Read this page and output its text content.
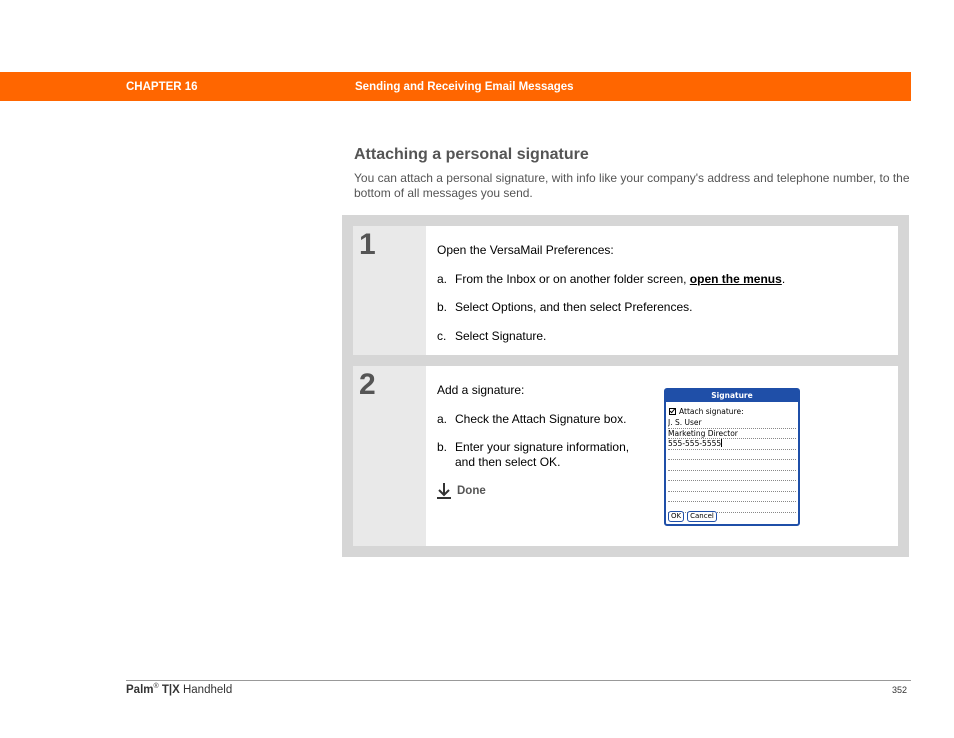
CHAPTER 16	Sending and Receiving Email Messages
Attaching a personal signature

You can attach a personal signature, with info like your company's address and telephone number, to the bottom of all messages you send.

1	Open the VersaMail Preferences:

a. From the Inbox or on another folder screen, open the menus.

b. Select Options, and then select Preferences.

c. Select Signature.

2	Add a signature:

a. Check the Attach Signature box.

b. Enter your signature information, and then select OK.

Done
Signature
Attach signature:
J. S. User
Marketing Director
555-555-5555
OK	Cancel
Palm® T|X Handheld	352
